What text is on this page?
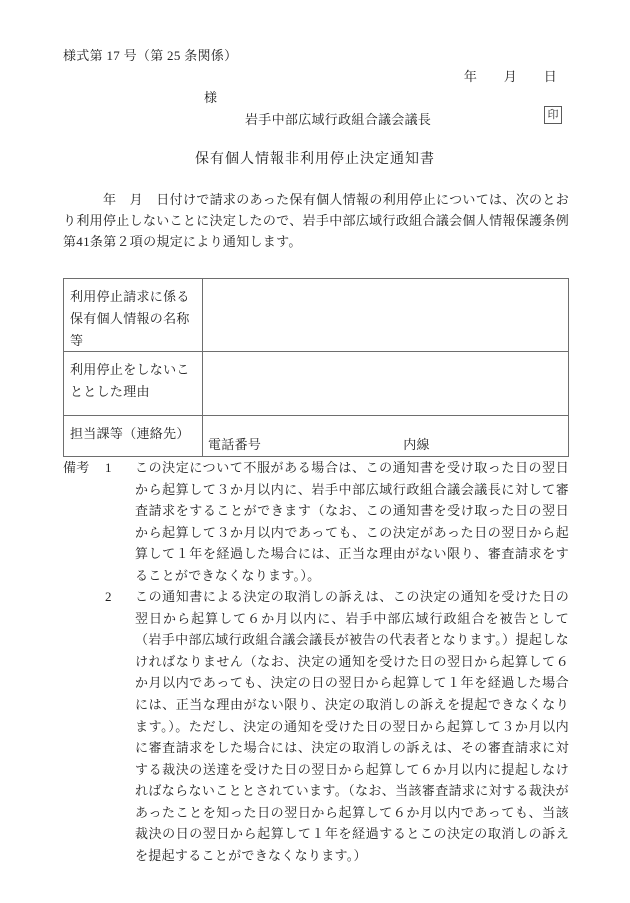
様式第 17 号（第 25 条関係）
年　　月　　日
様
岩手中部広域行政組合議会議長	印
保有個人情報非利用停止決定通知書
　　　年　月　日付けで請求のあった保有個人情報の利用停止については、次のとおり利用停止しないことに決定したので、岩手中部広域行政組合議会個人情報保護条例第41条第２項の規定により通知します。
利用停止請求に係る保有個人情報の名称等	
利用停止をしないこととした理由	
担当課等（連絡先）	電話番号 内線
備考	1	この決定について不服がある場合は、この通知書を受け取った日の翌日から起算して３か月以内に、岩手中部広域行政組合議会議長に対して審査請求をすることができます（なお、この通知書を受け取った日の翌日から起算して３か月以内であっても、この決定があった日の翌日から起算して１年を経過した場合には、正当な理由がない限り、審査請求をすることができなくなります。）。
2	この通知書による決定の取消しの訴えは、この決定の通知を受けた日の翌日から起算して６か月以内に、岩手中部広域行政組合を被告として（岩手中部広域行政組合議会議長が被告の代表者となります。）提起しなければなりません（なお、決定の通知を受けた日の翌日から起算して６か月以内であっても、決定の日の翌日から起算して１年を経過した場合には、正当な理由がない限り、決定の取消しの訴えを提起できなくなります。）。ただし、決定の通知を受けた日の翌日から起算して３か月以内に審査請求をした場合には、決定の取消しの訴えは、その審査請求に対する裁決の送達を受けた日の翌日から起算して６か月以内に提起しなければならないこととされています。（なお、当該審査請求に対する裁決があったことを知った日の翌日から起算して６か月以内であっても、当該裁決の日の翌日から起算して１年を経過するとこの決定の取消しの訴えを提起することができなくなります。）
